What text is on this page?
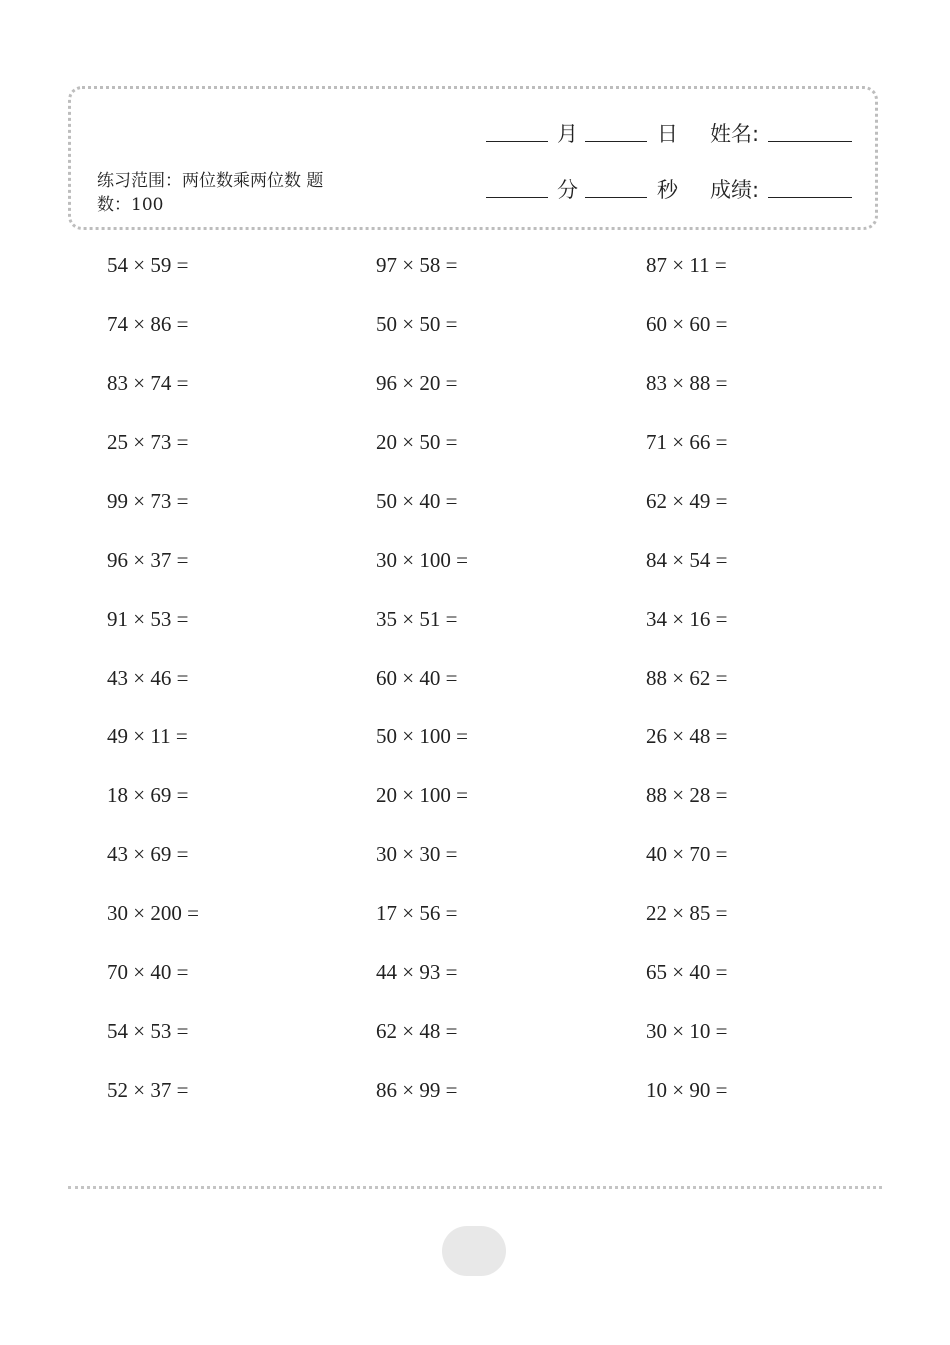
练习范围：两位数乘两位数 题
数：100
月	日 姓名:
分	秒 成绩:
54 × 59 =	97 × 58 =	87 × 11 =
74 × 86 =	50 × 50 =	60 × 60 =
83 × 74 =	96 × 20 =	83 × 88 =
25 × 73 =	20 × 50 =	71 × 66 =
99 × 73 =	50 × 40 =	62 × 49 =
96 × 37 =	30 × 100 =	84 × 54 =
91 × 53 =	35 × 51 =	34 × 16 =
43 × 46 =	60 × 40 =	88 × 62 =
49 × 11 =	50 × 100 =	26 × 48 =
18 × 69 =	20 × 100 =	88 × 28 =
43 × 69 =	30 × 30 =	40 × 70 =
30 × 200 =	17 × 56 =	22 × 85 =
70 × 40 =	44 × 93 =	65 × 40 =
54 × 53 =	62 × 48 =	30 × 10 =
52 × 37 =	86 × 99 =	10 × 90 =
